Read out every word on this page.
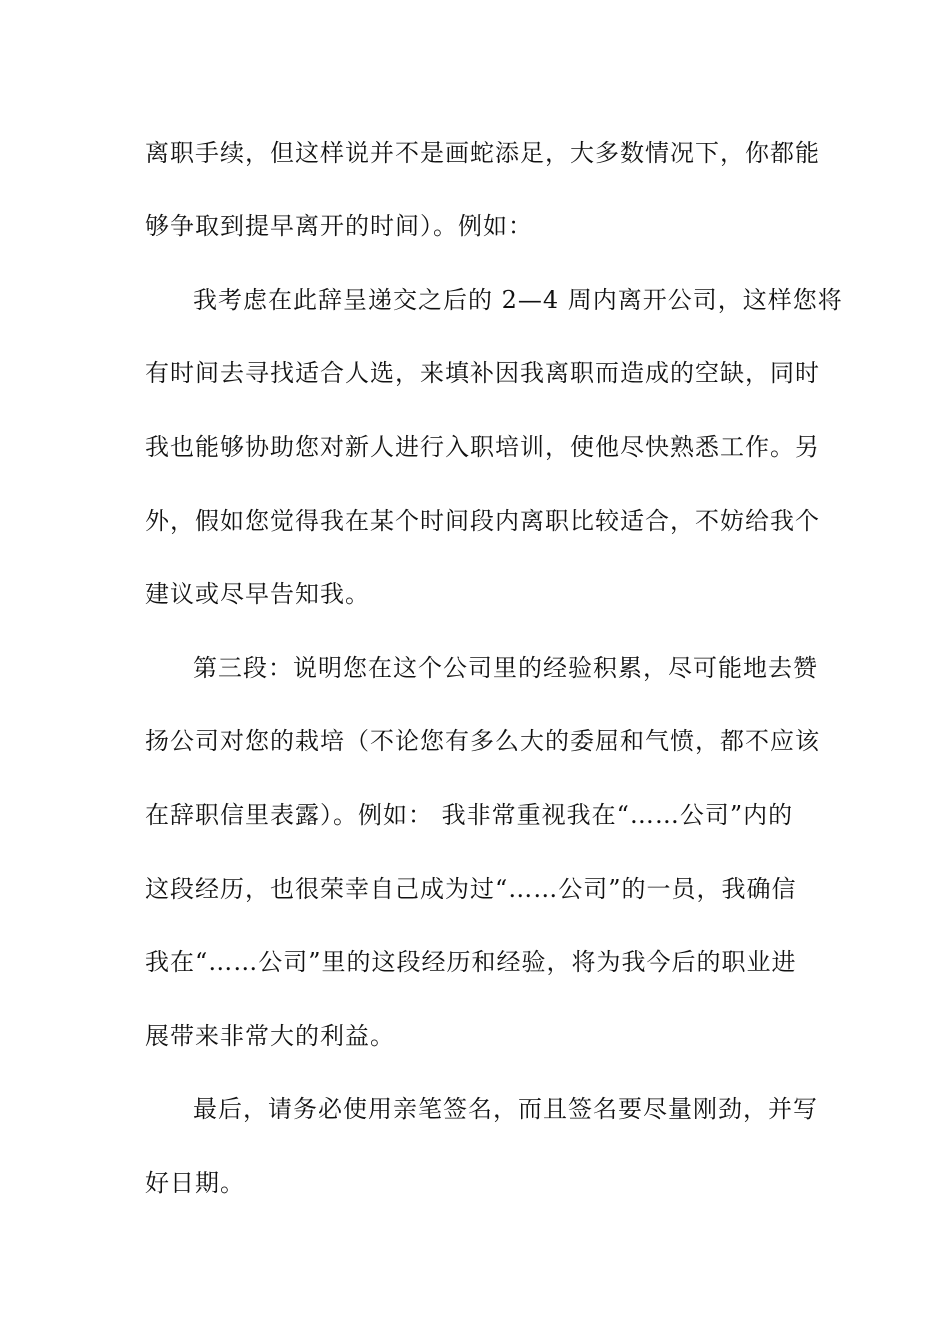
离职手续，但这样说并不是画蛇添足，大多数情况下，你都能
够争取到提早离开的时间）。例如：
我考虑在此辞呈递交之后的 2—4 周内离开公司，这样您将
有时间去寻找适合人选，来填补因我离职而造成的空缺，同时
我也能够协助您对新人进行入职培训，使他尽快熟悉工作。另
外，假如您觉得我在某个时间段内离职比较适合，不妨给我个
建议或尽早告知我。
第三段：说明您在这个公司里的经验积累，尽可能地去赞
扬公司对您的栽培（不论您有多么大的委屈和气愤，都不应该
在辞职信里表露）。例如： 我非常重视我在“……公司”内的
这段经历，也很荣幸自己成为过“……公司”的一员，我确信
我在“……公司”里的这段经历和经验，将为我今后的职业进
展带来非常大的利益。
最后，请务必使用亲笔签名，而且签名要尽量刚劲，并写
好日期。
